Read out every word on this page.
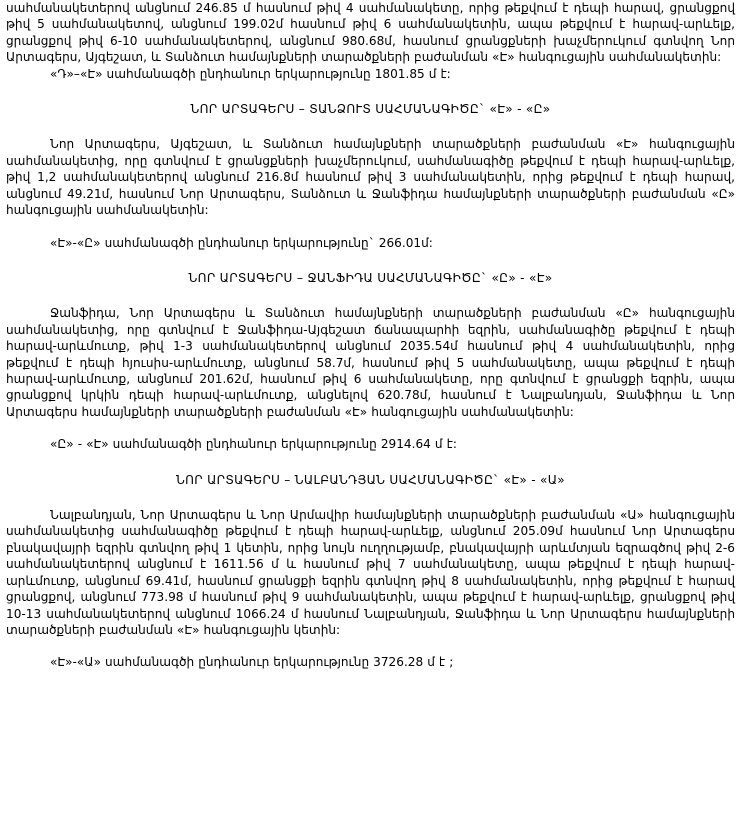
սահմանակետերով անցնում 246.85 մ հասնում թիվ 4 սահմանակետը, որից թեքվում է դեպի հարավ, ցրանցքով թիվ 5 սահմանակետով, անցնում 199.02մ հասնում թիվ 6 սահմանակետին, ապա թեքվում է հարավ-արևելք, ցրանցքով թիվ 6-10 սահմանակետերով, անցնում 980.68մ, հասնում ցրանցքների խաչմերուկում գտնվող Նոր Արտագերս, Այգեշատ, և Տանձուտ համայնքների տարածքների բաժանման «Է» հանգուցային սահմանակետին:

«Դ»–«Է» սահմանագծի ընդհանուր երկարությունը 1801.85 մ է:

ՆՈՐ ԱՐՏԱԳԵՐՍ – ՏԱՆՁՈՒՏ ՍԱՀՄԱՆԱԳԻԾԸ` «Է» - «Ը»

Նոր Արտագերս, Այգեշատ, և Տանձուտ համայնքների տարածքների բաժանման «Է» հանգուցային սահմանակետից, որը գտնվում է ցրանցքների խաչմերուկում, սահմանագիծը թեքվում է դեպի հարավ-արևելք, թիվ 1,2 սահմանակետերով անցնում 216.8մ հասնում թիվ 3 սահմանակետին, որից թեքվում է դեպի հարավ, անցնում 49.21մ, հասնում Նոր Արտագերս, Տանձուտ և Ջանֆիդա համայնքների տարածքների բաժանման «Ը» հանգուցային սահմանակետին:

«Է»-«Ը» սահմանագծի ընդհանուր երկարությունը` 266.01մ:

ՆՈՐ ԱՐՏԱԳԵՐՍ – ՋԱՆՖԻԴԱ ՍԱՀՄԱՆԱԳԻԾԸ` «Ը» - «Է»

Ջանֆիդա, Նոր Արտագերս և Տանձուտ համայնքների տարածքների բաժանման «Ը» հանգուցային սահմանակետից, որը գտնվում է Ջանֆիդա-Այգեշատ ճանապարհի եզրին, սահմանագիծը թեքվում է դեպի հարավ-արևմուտք, թիվ 1-3 սահմանակետերով անցնում 2035.54մ հասնում թիվ 4 սահմանակետին, որից թեքվում է դեպի հյուսիս-արևմուտք, անցնում 58.7մ, հասնում թիվ 5 սահմանակետը, ապա թեքվում է դեպի հարավ-արևմուտք, անցնում 201.62մ, հասնում թիվ 6 սահմանակետը, որը գտնվում է ցրանցքի եզրին, ապա ցրանցքով կրկին դեպի հարավ-արևմուտք, անցնելով 620.78մ, հասնում է Նալբանդյան, Ջանֆիդա և Նոր Արտագերս համայնքների տարածքների բաժանման «Է» հանգուցային սահմանակետին:

«Ը» - «Է» սահմանագծի ընդհանուր երկարությունը 2914.64 մ է:

ՆՈՐ ԱՐՏԱԳԵՐՍ – ՆԱԼԲԱՆԴՅԱՆ ՍԱՀՄԱՆԱԳԻԾԸ` «Է» - «Ա»

Նալբանդյան, Նոր Արտագերս և Նոր Արմավիր համայնքների տարածքների բաժանման «Ա» հանգուցային սահմանակետից սահմանագիծը թեքվում է դեպի հարավ-արևելք, անցնում 205.09մ հասնում Նոր Արտագերս բնակավայրի եզրին գտնվող թիվ 1 կետին, որից նույն ուղղությամբ, բնակավայրի արևմտյան եզրագծով թիվ 2-6 սահմանակետերով անցնում է 1611.56 մ և հասնում թիվ 7 սահմանակետը, ապա թեքվում է դեպի հարավ-արևմուտք, անցնում 69.41մ, հասնում ցրանցքի եզրին գտնվող թիվ 8 սահմանակետին, որից թեքվում է հարավ ցրանցքով, անցնում 773.98 մ հասնում թիվ 9 սահմանակետին, ապա թեքվում է հարավ-արևելք, ցրանցքով թիվ 10-13 սահմանակետերով անցնում 1066.24 մ հասնում Նալբանդյան, Ջանֆիդա և Նոր Արտագերս համայնքների տարածքների բաժանման «Է» հանգուցային կետին:

«Է»-«Ա» սահմանագծի ընդհանուր երկարությունը 3726.28 մ է ;
